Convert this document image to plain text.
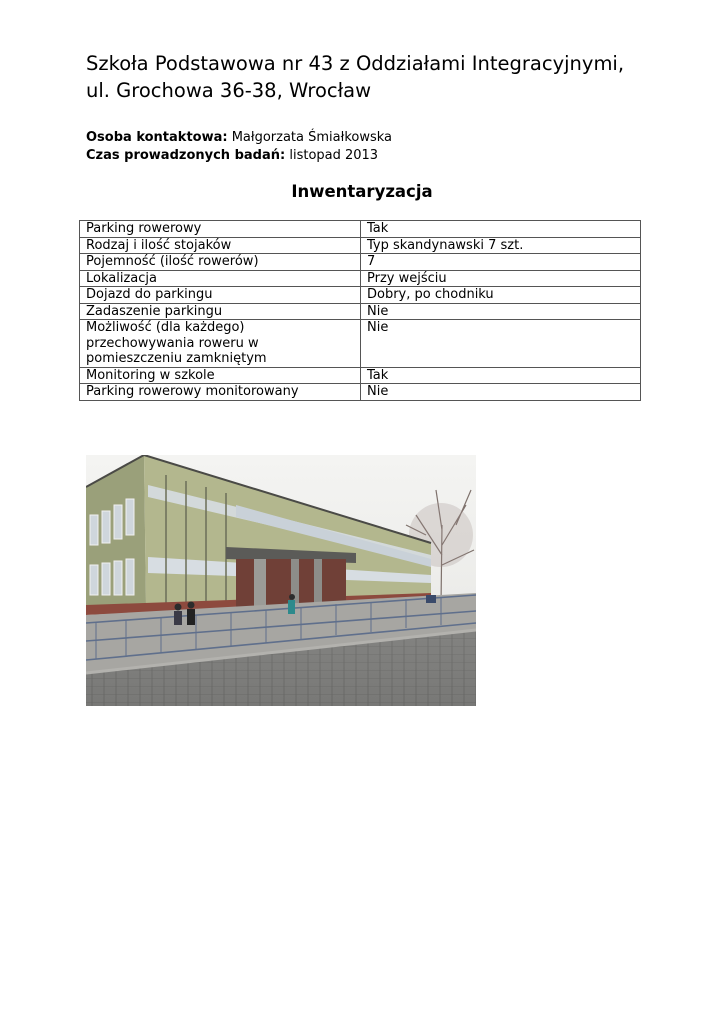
Szkoła Podstawowa nr 43 z Oddziałami Integracyjnymi,
ul. Grochowa 36-38, Wrocław
Osoba kontaktowa: Małgorzata Śmiałkowska
Czas prowadzonych badań: listopad 2013
Inwentaryzacja
Parking rowerowy	Tak
Rodzaj i ilość stojaków	Typ skandynawski 7 szt.
Pojemność (ilość rowerów)	7
Lokalizacja	Przy wejściu
Dojazd do parkingu	Dobry, po chodniku
Zadaszenie parkingu	Nie
Możliwość (dla każdego) przechowywania roweru w pomieszczeniu zamkniętym	Nie
Monitoring w szkole	Tak
Parking rowerowy monitorowany	Nie
